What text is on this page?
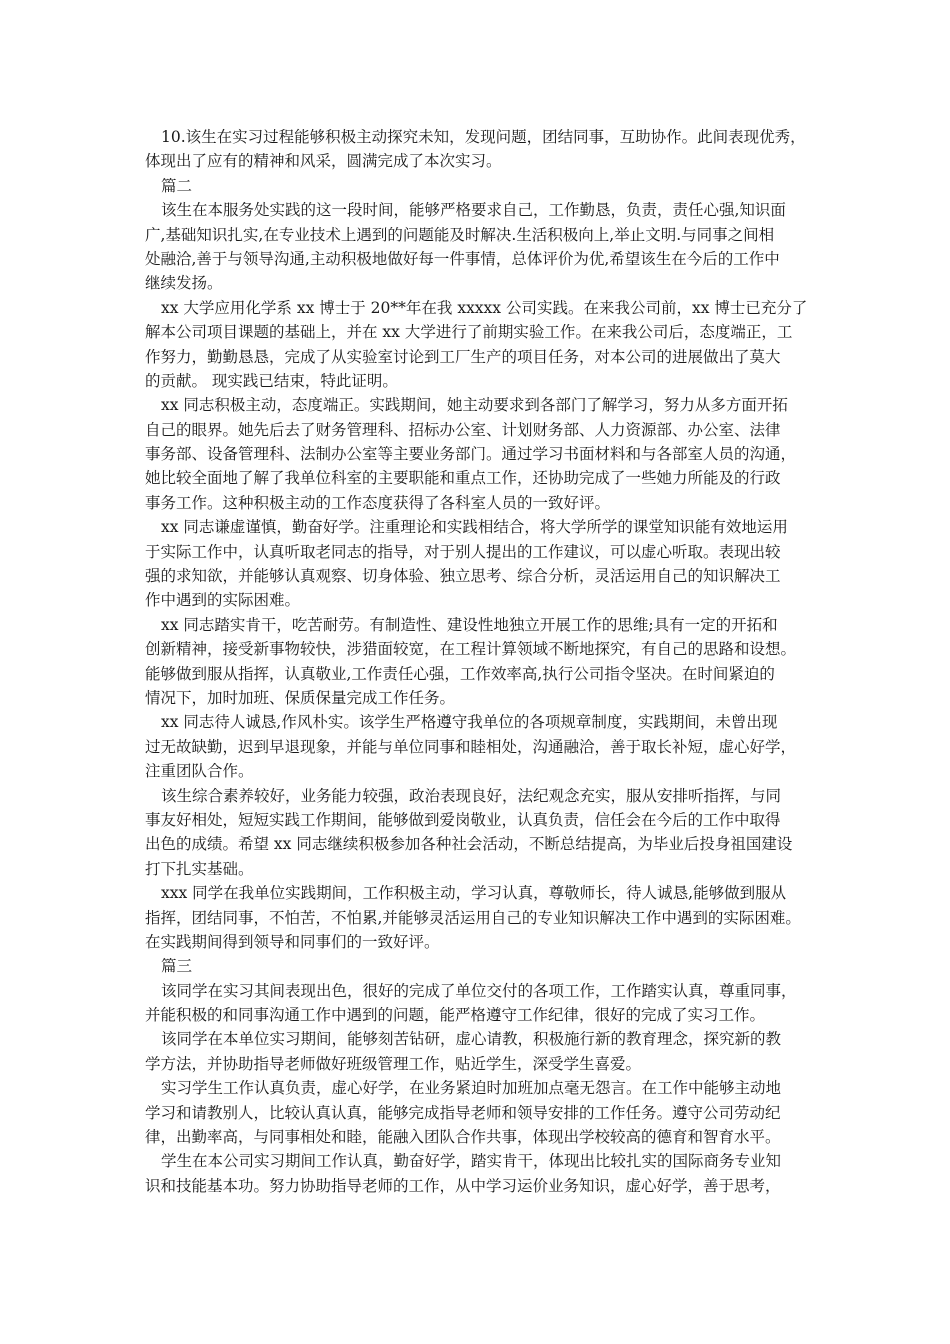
10.该生在实习过程能够积极主动探究未知，发现问题，团结同事，互助协作。此间表现优秀，
体现出了应有的精神和风采，圆满完成了本次实习。
篇二
该生在本服务处实践的这一段时间，能够严格要求自己，工作勤恳，负责，责任心强,知识面
广,基础知识扎实,在专业技术上遇到的问题能及时解决.生活积极向上,举止文明.与同事之间相
处融洽,善于与领导沟通,主动积极地做好每一件事情，总体评价为优,希望该生在今后的工作中
继续发扬。
xx 大学应用化学系 xx 博士于 20**年在我 xxxxx 公司实践。在来我公司前，xx 博士已充分了
解本公司项目课题的基础上，并在 xx 大学进行了前期实验工作。在来我公司后，态度端正，工
作努力，勤勤恳恳，完成了从实验室讨论到工厂生产的项目任务，对本公司的进展做出了莫大
的贡献。 现实践已结束，特此证明。
xx 同志积极主动，态度端正。实践期间，她主动要求到各部门了解学习，努力从多方面开拓
自己的眼界。她先后去了财务管理科、招标办公室、计划财务部、人力资源部、办公室、法律
事务部、设备管理科、法制办公室等主要业务部门。通过学习书面材料和与各部室人员的沟通，
她比较全面地了解了我单位科室的主要职能和重点工作，还协助完成了一些她力所能及的行政
事务工作。这种积极主动的工作态度获得了各科室人员的一致好评。
xx 同志谦虚谨慎，勤奋好学。注重理论和实践相结合，将大学所学的课堂知识能有效地运用
于实际工作中，认真听取老同志的指导，对于别人提出的工作建议，可以虚心听取。表现出较
强的求知欲，并能够认真观察、切身体验、独立思考、综合分析，灵活运用自己的知识解决工
作中遇到的实际困难。
xx 同志踏实肯干，吃苦耐劳。有制造性、建设性地独立开展工作的思维;具有一定的开拓和
创新精神，接受新事物较快，涉猎面较宽，在工程计算领域不断地探究，有自己的思路和设想。
能够做到服从指挥，认真敬业,工作责任心强，工作效率高,执行公司指令坚决。在时间紧迫的
情况下，加时加班、保质保量完成工作任务。
xx 同志待人诚恳,作风朴实。该学生严格遵守我单位的各项规章制度，实践期间，未曾出现
过无故缺勤，迟到早退现象，并能与单位同事和睦相处，沟通融洽，善于取长补短，虚心好学，
注重团队合作。
该生综合素养较好，业务能力较强，政治表现良好，法纪观念充实，服从安排听指挥，与同
事友好相处，短短实践工作期间，能够做到爱岗敬业，认真负责，信任会在今后的工作中取得
出色的成绩。希望 xx 同志继续积极参加各种社会活动，不断总结提高，为毕业后投身祖国建设
打下扎实基础。
xxx 同学在我单位实践期间，工作积极主动，学习认真，尊敬师长，待人诚恳,能够做到服从
指挥，团结同事，不怕苦，不怕累,并能够灵活运用自己的专业知识解决工作中遇到的实际困难。
在实践期间得到领导和同事们的一致好评。
篇三
该同学在实习其间表现出色，很好的完成了单位交付的各项工作，工作踏实认真，尊重同事，
并能积极的和同事沟通工作中遇到的问题，能严格遵守工作纪律，很好的完成了实习工作。
该同学在本单位实习期间，能够刻苦钻研，虚心请教，积极施行新的教育理念，探究新的教
学方法，并协助指导老师做好班级管理工作，贴近学生，深受学生喜爱。
实习学生工作认真负责，虚心好学，在业务紧迫时加班加点毫无怨言。在工作中能够主动地
学习和请教别人，比较认真认真，能够完成指导老师和领导安排的工作任务。遵守公司劳动纪
律，出勤率高，与同事相处和睦，能融入团队合作共事，体现出学校较高的德育和智育水平。
学生在本公司实习期间工作认真，勤奋好学，踏实肯干，体现出比较扎实的国际商务专业知
识和技能基本功。努力协助指导老师的工作，从中学习运价业务知识，虚心好学，善于思考，
